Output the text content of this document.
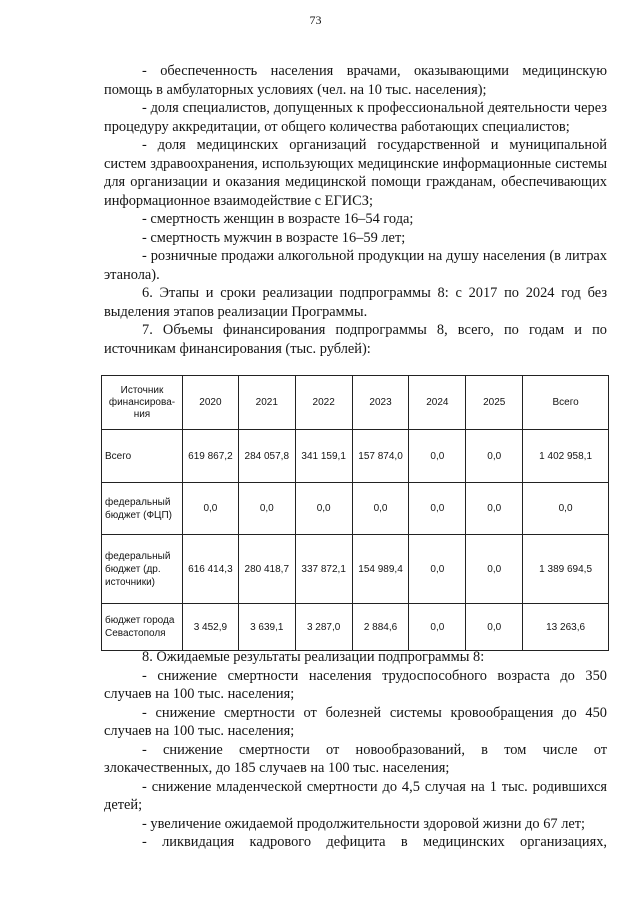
73

- обеспеченность населения врачами, оказывающими медицинскую помощь в амбулаторных условиях (чел. на 10 тыс. населения);

- доля специалистов, допущенных к профессиональной деятельности через процедуру аккредитации, от общего количества работающих специалистов;

- доля медицинских организаций государственной и муниципальной систем здравоохранения, использующих медицинские информационные системы для организации и оказания медицинской помощи гражданам, обеспечивающих информационное взаимодействие с ЕГИСЗ;

- смертность женщин в возрасте 16–54 года;

- смертность мужчин в возрасте 16–59 лет;

- розничные продажи алкогольной продукции на душу населения (в литрах этанола).

6. Этапы и сроки реализации подпрограммы 8: с 2017 по 2024 год без выделения этапов реализации Программы.

7. Объемы финансирования подпрограммы 8, всего, по годам и по источникам финансирования (тыс. рублей):

Источник финансирова-ния	2020	2021	2022	2023	2024	2025	Всего
Всего	619 867,2	284 057,8	341 159,1	157 874,0	0,0	0,0	1 402 958,1
федеральный бюджет (ФЦП)	0,0	0,0	0,0	0,0	0,0	0,0	0,0
федеральный бюджет (др. источники)	616 414,3	280 418,7	337 872,1	154 989,4	0,0	0,0	1 389 694,5
бюджет города Севастополя	3 452,9	3 639,1	3 287,0	2 884,6	0,0	0,0	13 263,6

8. Ожидаемые результаты реализации подпрограммы 8:

- снижение смертности населения трудоспособного возраста до 350 случаев на 100 тыс. населения;

- снижение смертности от болезней системы кровообращения до 450 случаев на 100 тыс. населения;

- снижение смертности от новообразований, в том числе от злокачественных, до 185 случаев на 100 тыс. населения;

- снижение младенческой смертности до 4,5 случая на 1 тыс. родившихся детей;

- увеличение ожидаемой продолжительности здоровой жизни до 67 лет;

- ликвидация кадрового дефицита в медицинских организациях,
